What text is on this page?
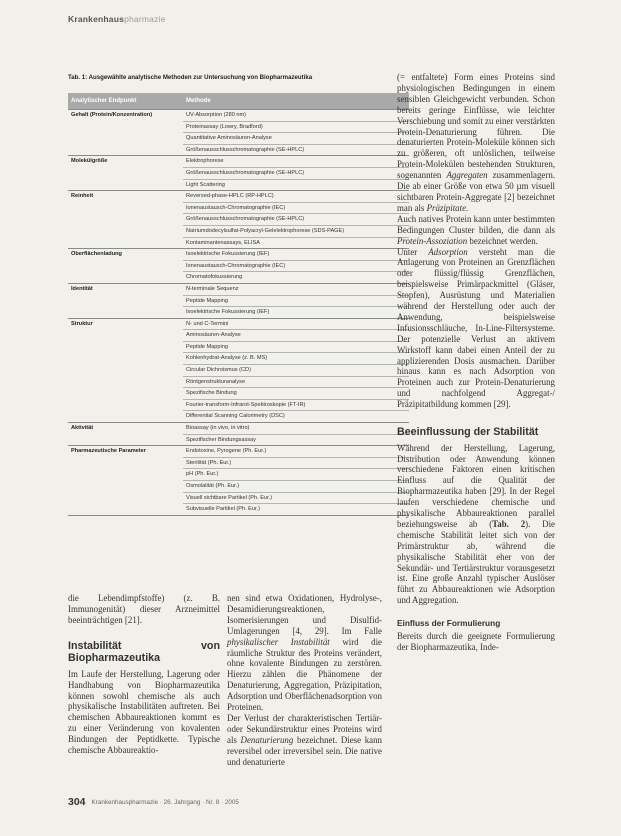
Krankenhauspharmazie
Tab. 1: Ausgewählte analytische Methoden zur Untersuchung von Biopharmazeutika
Analytischer Endpunkt	Methode
Gehalt (Protein/Konzentration)	UV-Absorption (280 nm)
	Proteinassay (Lowry, Bradford)
	Quantitative Aminosäuren-Analyse
	Größenausschlusschromatographie (SE-HPLC)
Molekülgröße	Elektrophorese
	Größenausschlusschromatographie (SE-HPLC)
	Light Scattering
Reinheit	Reversed-phase-HPLC (RP-HPLC)
	Ionenaustausch-Chromatographie (IEC)
	Größenausschlusschromatographie (SE-HPLC)
	Natriumdodecylsulfat-Polyacryl-Gelelektrophorese (SDS-PAGE)
	Kontaminantenassays, ELISA
Oberflächenladung	Isoelektrische Fokussierung (IEF)
	Ionenaustausch-Chromatographie (IEC)
	Chromatofokussierung
Identität	N-terminale Sequenz
	Peptide Mapping
	Isoelektrische Fokussierung (IEF)
Struktur	N- und C-Termini
	Aminosäuren-Analyse
	Peptide Mapping
	Kohlenhydrat-Analyse (z. B. MS)
	Circular Dichroismus (CD)
	Röntgenstrukturanalyse
	Spezifische Bindung
	Fourier-transform-Infrarot-Spektroskopie (FT-IR)
	Differential Scanning Calorimetry (DSC)
Aktivität	Bioassay (in vivo, in vitro)
	Spezifischer Bindungsassay
Pharmazeutische Parameter	Endotoxine, Pyrogene (Ph. Eur.)
	Sterilität (Ph. Eur.)
	pH (Ph. Eur.)
	Osmolalität (Ph. Eur.)
	Visuell sichtbare Partikel (Ph. Eur.)
	Subvisuelle Partikel (Ph. Eur.)

die Lebendimpfstoffe) (z. B. Immunogenität) dieser Arzneimittel beeinträchtigen [21].

Instabilität von Biopharmazeutika

Im Laufe der Herstellung, Lagerung oder Handhabung von Biopharmazeutika können sowohl chemische als auch physikalische Instabilitäten auftreten. Bei chemischen Abbaureaktionen kommt es zu einer Veränderung von kovalenten Bindungen der Peptidkette. Typische chemische Abbaureaktio-

nen sind etwa Oxidationen, Hydrolyse-, Desamidierungsreaktionen, Isomerisierungen und Disulfid-Umlagerungen [4, 29]. Im Falle physikalischer Instabilität wird die räumliche Struktur des Proteins verändert, ohne kovalente Bindungen zu zerstören. Hierzu zählen die Phänomene der Denaturierung, Aggregation, Präzipitation, Adsorption und Oberflächenadsorption von Proteinen.

Der Verlust der charakteristischen Tertiär- oder Sekundärstruktur eines Proteins wird als Denaturierung bezeichnet. Diese kann reversibel oder irreversibel sein. Die native und denaturierte

(= entfaltete) Form eines Proteins sind physiologischen Bedingungen in einem sensiblen Gleichgewicht verbunden. Schon bereits geringe Einflüsse, wie leichter Verschiebung und somit zu einer verstärkten Protein-Denaturierung führen. Die denaturierten Protein-Moleküle können sich zu größeren, oft unlöslichen, teilweise Protein-Molekülen bestehenden Strukturen, sogenannten Aggregaten zusammenlagern. Die ab einer Größe von etwa 50 µm visuell sichtbaren Protein-Aggregate [2] bezeichnet man als Präzipitate.

Auch natives Protein kann unter bestimmten Bedingungen Cluster bilden, die dann als Protein-Assoziation bezeichnet werden.

Unter Adsorption versteht man die Anlagerung von Proteinen an Grenzflächen oder flüssig/flüssig Grenzflächen, beispielsweise Primärpackmittel (Gläser, Stopfen), Ausrüstung und Materialien während der Herstellung oder auch der Anwendung, beispielsweise Infusionsschläuche, In-Line-Filtersysteme. Der potenzielle Verlust an aktivem Wirkstoff kann dabei einen Anteil der zu applizierenden Dosis ausmachen. Darüber hinaus kann es nach Adsorption von Proteinen auch zur Protein-Denaturierung und nachfolgend Aggregat-/ Präzipitatbildung kommen [29].

Beeinflussung der Stabilität

Während der Herstellung, Lagerung, Distribution oder Anwendung können verschiedene Faktoren einen kritischen Einfluss auf die Qualität der Biopharmazeutika haben [29]. In der Regel laufen verschiedene chemische und physikalische Abbaureaktionen parallel beziehungsweise ab (Tab. 2). Die chemische Stabilität leitet sich von der Primärstruktur ab, während die physikalische Stabilität eher von der Sekundär- und Tertiärstruktur vorausgesetzt ist. Eine große Anzahl typischer Auslöser führt zu Abbaureaktionen wie Adsorption und Aggregation.

Einfluss der Formulierung

Bereits durch die geeignete Formulierung der Biopharmazeutika, Inde-

304 Krankenhauspharmazie · 26. Jahrgang · Nr. 8 · 2005
